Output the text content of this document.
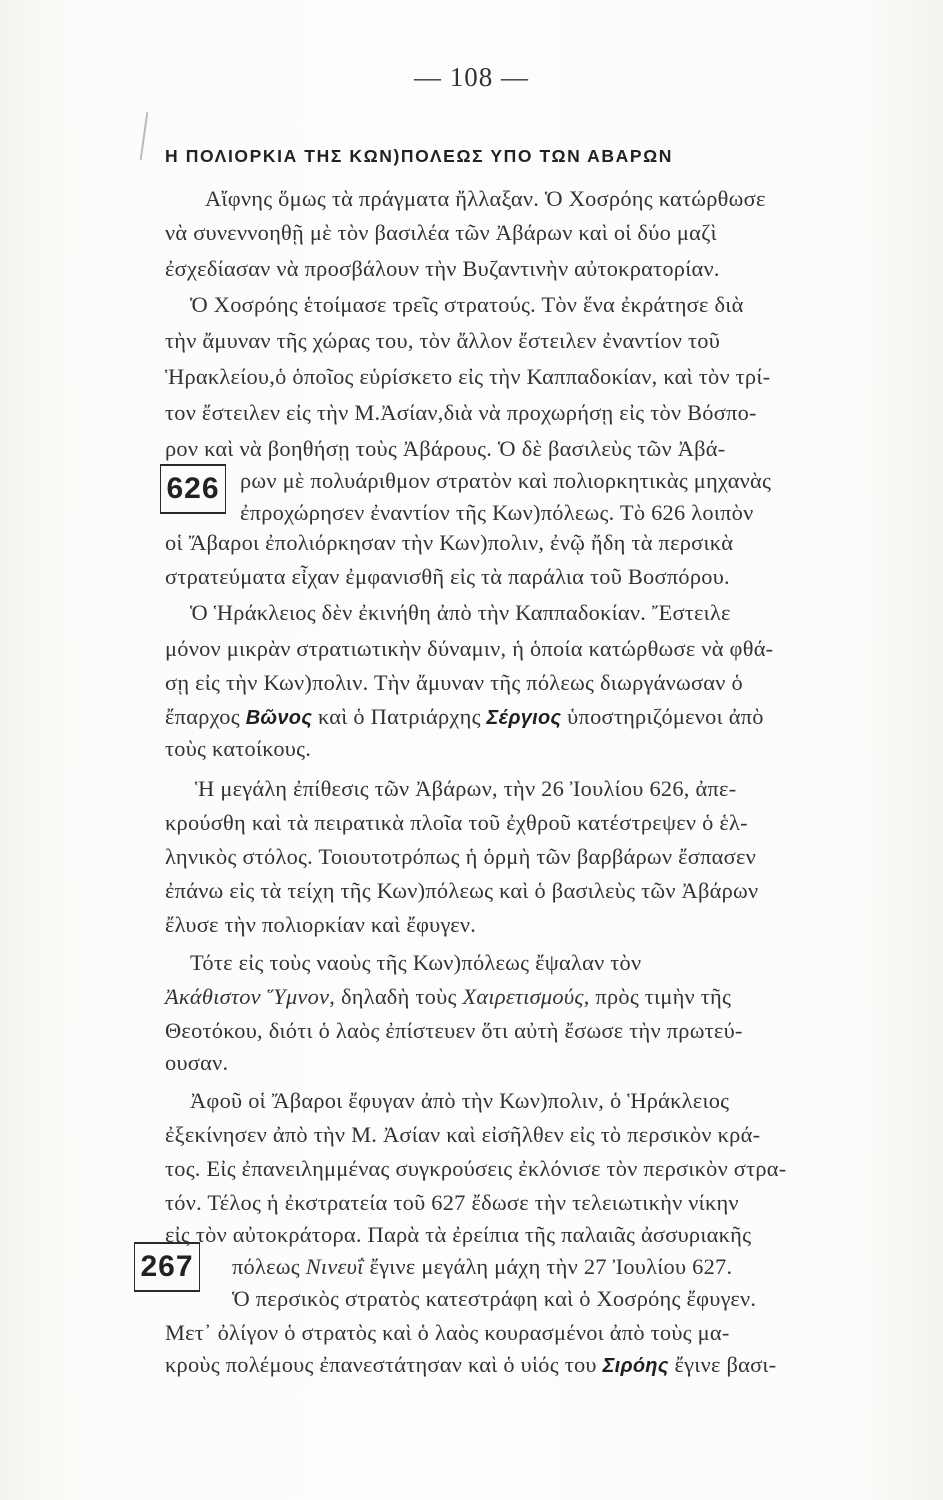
— 108 —
Η ΠΟΛΙΟΡΚΙΑ ΤΗΣ ΚΩΝ)ΠΟΛΕΩΣ ΥΠΟ ΤΩΝ ΑΒΑΡΩΝ
626
267
Αἴφνης ὅμως τὰ πράγματα ἤλλαξαν. Ὁ Χοσρόης κατώρθωσε
νὰ συνεννοηθῇ μὲ τὸν βασιλέα τῶν Ἀβάρων καὶ οἱ δύο μαζὶ
ἐσχεδίασαν νὰ προσβάλουν τὴν Βυζαντινὴν αὐτοκρατορίαν.
Ὁ Χοσρόης ἑτοίμασε τρεῖς στρατούς. Τὸν ἕνα ἐκράτησε διὰ
τὴν ἄμυναν τῆς χώρας του, τὸν ἄλλον ἔστειλεν ἐναντίον τοῦ
Ἡρακλείου,ὁ ὁποῖος εὑρίσκετο εἰς τὴν Καππαδοκίαν, καὶ τὸν τρί-
τον ἔστειλεν εἰς τὴν Μ.Ἀσίαν,διὰ νὰ προχωρήσῃ εἰς τὸν Βόσπο-
ρον καὶ νὰ βοηθήσῃ τοὺς Ἀβάρους. Ὁ δὲ βασιλεὺς τῶν Ἀβά-
ρων μὲ πολυάριθμον στρατὸν καὶ πολιορκητικὰς μηχανὰς
ἐπροχώρησεν ἐναντίον τῆς Κων)πόλεως. Τὸ 626 λοιπὸν
οἱ Ἄβαροι ἐπολιόρκησαν τὴν Κων)πολιν, ἐνῷ ἤδη τὰ περσικὰ
στρατεύματα εἶχαν ἐμφανισθῆ εἰς τὰ παράλια τοῦ Βοσπόρου.
Ὁ Ἡράκλειος δὲν ἐκινήθη ἀπὸ τὴν Καππαδοκίαν. Ἔστειλε
μόνον μικρὰν στρατιωτικὴν δύναμιν, ἡ ὁποία κατώρθωσε νὰ φθά-
σῃ εἰς τὴν Κων)πολιν. Τὴν ἄμυναν τῆς πόλεως διωργάνωσαν ὁ
ἔπαρχος Βῶνος καὶ ὁ Πατριάρχης Σέργιος ὑποστηριζόμενοι ἀπὸ
τοὺς κατοίκους.
Ἡ μεγάλη ἐπίθεσις τῶν Ἀβάρων, τὴν 26 Ἰουλίου 626, ἀπε-
κρούσθη καὶ τὰ πειρατικὰ πλοῖα τοῦ ἐχθροῦ κατέστρεψεν ὁ ἑλ-
ληνικὸς στόλος. Τοιουτοτρόπως ἡ ὁρμὴ τῶν βαρβάρων ἔσπασεν
ἐπάνω εἰς τὰ τείχη τῆς Κων)πόλεως καὶ ὁ βασιλεὺς τῶν Ἀβάρων
ἔλυσε τὴν πολιορκίαν καὶ ἔφυγεν.
Τότε εἰς τοὺς ναοὺς τῆς Κων)πόλεως ἔψαλαν τὸν
Ἀκάθιστον Ὕμνον, δηλαδὴ τοὺς Χαιρετισμούς, πρὸς τιμὴν τῆς
Θεοτόκου, διότι ὁ λαὸς ἐπίστευεν ὅτι αὐτὴ ἔσωσε τὴν πρωτεύ-
ουσαν.
Ἀφοῦ οἱ Ἄβαροι ἔφυγαν ἀπὸ τὴν Κων)πολιν, ὁ Ἡράκλειος
ἐξεκίνησεν ἀπὸ τὴν Μ. Ἀσίαν καὶ εἰσῆλθεν εἰς τὸ περσικὸν κρά-
τος. Εἰς ἐπανειλημμένας συγκρούσεις ἐκλόνισε τὸν περσικὸν στρα-
τόν. Τέλος ἡ ἐκστρατεία τοῦ 627 ἔδωσε τὴν τελειωτικὴν νίκην
εἰς τὸν αὐτοκράτορα. Παρὰ τὰ ἐρείπια τῆς παλαιᾶς ἀσσυριακῆς
πόλεως Νινευΐ ἔγινε μεγάλη μάχη τὴν 27 Ἰουλίου 627.
Ὁ περσικὸς στρατὸς κατεστράφη καὶ ὁ Χοσρόης ἔφυγεν.
Μετ᾽ ὀλίγον ὁ στρατὸς καὶ ὁ λαὸς κουρασμένοι ἀπὸ τοὺς μα-
κροὺς πολέμους ἐπανεστάτησαν καὶ ὁ υἱός του Σιρόης ἔγινε βασι-
